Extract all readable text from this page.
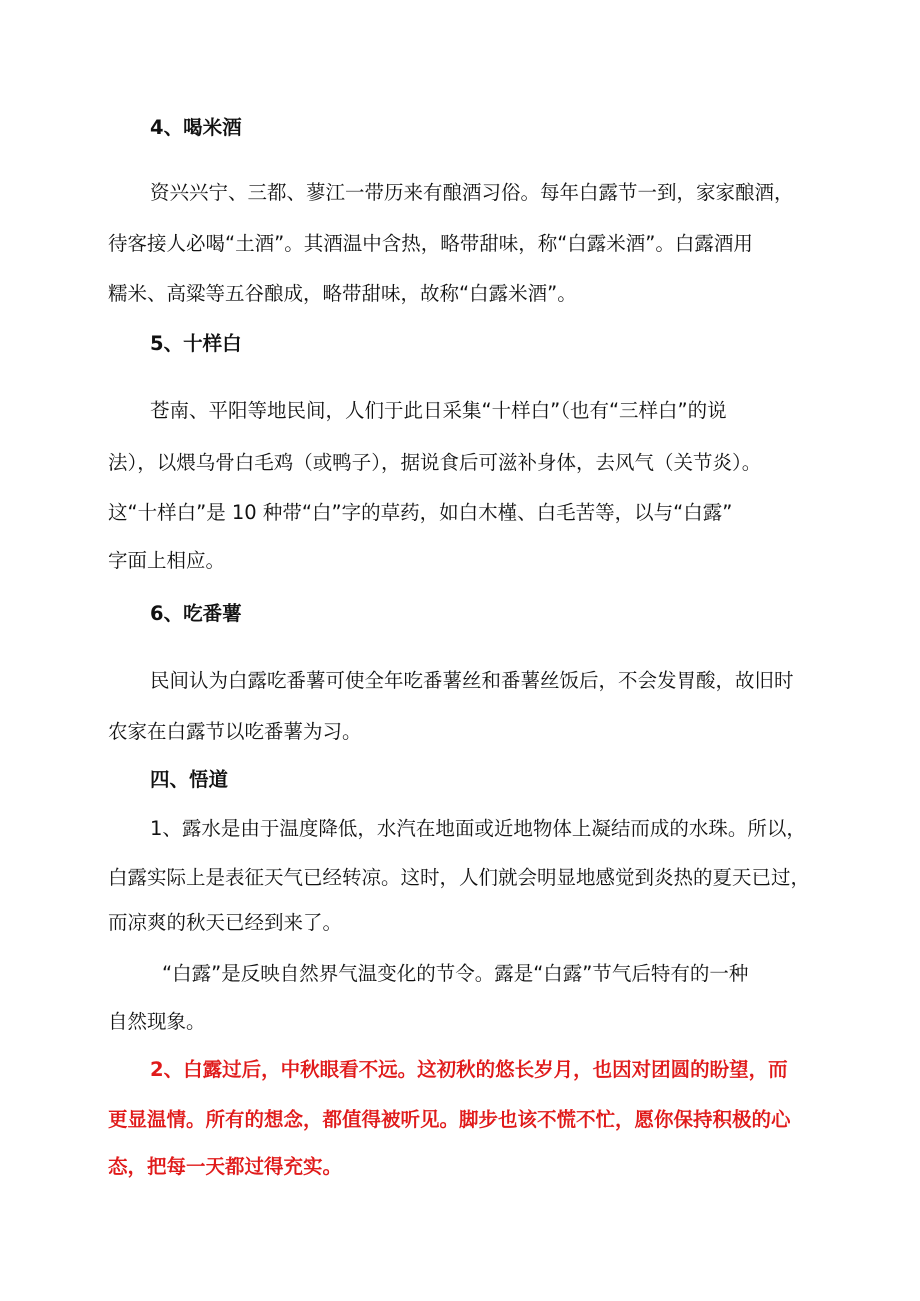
4、喝米酒

资兴兴宁、三都、蓼江一带历来有酿酒习俗。每年白露节一到，家家酿酒，

待客接人必喝“土酒”。其酒温中含热，略带甜味，称“白露米酒”。白露酒用

糯米、高粱等五谷酿成，略带甜味，故称“白露米酒”。

5、十样白

苍南、平阳等地民间，人们于此日采集“十样白”（也有“三样白”的说

法），以煨乌骨白毛鸡（或鸭子），据说食后可滋补身体，去风气（关节炎）。

这“十样白”是 10 种带“白”字的草药，如白木槿、白毛苦等，以与“白露”

字面上相应。

6、吃番薯

民间认为白露吃番薯可使全年吃番薯丝和番薯丝饭后，不会发胃酸，故旧时

农家在白露节以吃番薯为习。

四、悟道

1、露水是由于温度降低，水汽在地面或近地物体上凝结而成的水珠。所以，

白露实际上是表征天气已经转凉。这时，人们就会明显地感觉到炎热的夏天已过，

而凉爽的秋天已经到来了。

“白露”是反映自然界气温变化的节令。露是“白露”节气后特有的一种

自然现象。

2、白露过后，中秋眼看不远。这初秋的悠长岁月，也因对团圆的盼望，而

更显温情。所有的想念，都值得被听见。脚步也该不慌不忙，愿你保持积极的心

态，把每一天都过得充实。
